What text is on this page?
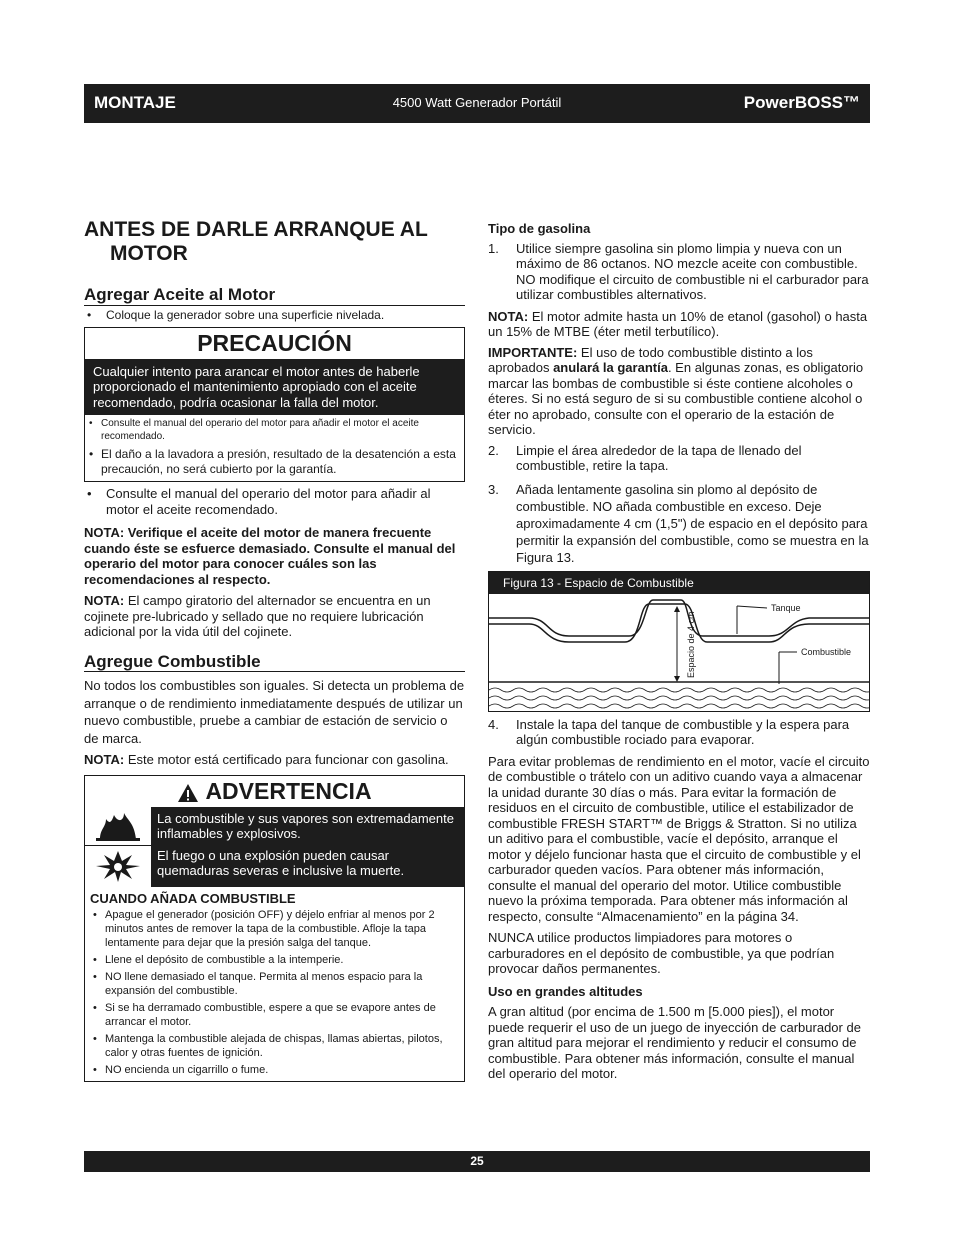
MONTAJE	4500 Watt Generador Portátil	PowerBOSS™
ANTES DE DARLE ARRANQUE AL
MOTOR
Agregar Aceite al Motor

• Coloque la generador sobre una superficie nivelada.

PRECAUCIÓN
Cualquier intento para arancar el motor antes de haberle proporcionado el mantenimiento apropiado con el aceite recomendado, podría ocasionar la falla del motor.

• Consulte el manual del operario del motor para añadir el motor el aceite recomendado.

• El daño a la lavadora a presión, resultado de la desatención a esta precaución, no será cubierto por la garantía.

• Consulte el manual del operario del motor para añadir al motor el aceite recomendado.

NOTA: Verifique el aceite del motor de manera frecuente cuando éste se esfuerce demasiado. Consulte el manual del operario del motor para conocer cuáles son las recomendaciones al respecto.

NOTA: El campo giratorio del alternador se encuentra en un cojinete pre-lubricado y sellado que no requiere lubricación adicional por la vida útil del cojinete.

Agregue Combustible

No todos los combustibles son iguales. Si detecta un problema de arranque o de rendimiento inmediatamente después de utilizar un nuevo combustible, pruebe a cambiar de estación de servicio o de marca.

NOTA: Este motor está certificado para funcionar con gasolina.

ADVERTENCIA
La combustible y sus vapores son extremadamente inflamables y explosivos.
El fuego o una explosión pueden causar quemaduras severas e inclusive la muerte.

CUANDO AÑADA COMBUSTIBLE

• Apague el generador (posición OFF) y déjelo enfriar al menos por 2 minutos antes de remover la tapa de la combustible. Afloje la tapa lentamente para dejar que la presión salga del tanque.

• Llene el depósito de combustible a la intemperie.

• NO llene demasiado el tanque. Permita al menos espacio para la expansión del combustible.

• Si se ha derramado combustible, espere a que se evapore antes de arrancar el motor.

• Mantenga la combustible alejada de chispas, llamas abiertas, pilotos, calor y otras fuentes de ignición.

• NO encienda un cigarrillo o fume.

Tipo de gasolina

1. Utilice siempre gasolina sin plomo limpia y nueva con un máximo de 86 octanos. NO mezcle aceite con combustible. NO modifique el circuito de combustible ni el carburador para utilizar combustibles alternativos.

NOTA: El motor admite hasta un 10% de etanol (gasohol) o hasta un 15% de MTBE (éter metil terbutílico).

IMPORTANTE: El uso de todo combustible distinto a los aprobados anulará la garantía. En algunas zonas, es obligatorio marcar las bombas de combustible si éste contiene alcoholes o éteres. Si no está seguro de si su combustible contiene alcohol o éter no aprobado, consulte con el operario de la estación de servicio.

2. Limpie el área alrededor de la tapa de llenado del combustible, retire la tapa.

3. Añada lentamente gasolina sin plomo al depósito de combustible. NO añada combustible en exceso. Deje aproximadamente 4 cm (1,5") de espacio en el depósito para permitir la expansión del combustible, como se muestra en la Figura 13.

Figura 13 - Espacio de Combustible
Espacio de 4 cm
Tanque
Combustible

4. Instale la tapa del tanque de combustible y la espera para algún combustible rociado para evaporar.

Para evitar problemas de rendimiento en el motor, vacíe el circuito de combustible o trátelo con un aditivo cuando vaya a almacenar la unidad durante 30 días o más. Para evitar la formación de residuos en el circuito de combustible, utilice el estabilizador de combustible FRESH START™ de Briggs & Stratton. Si no utiliza un aditivo para el combustible, vacíe el depósito, arranque el motor y déjelo funcionar hasta que el circuito de combustible y el carburador queden vacíos. Para obtener más información, consulte el manual del operario del motor. Utilice combustible nuevo la próxima temporada. Para obtener más información al respecto, consulte “Almacenamiento” en la página 34.

NUNCA utilice productos limpiadores para motores o carburadores en el depósito de combustible, ya que podrían provocar daños permanentes.

Uso en grandes altitudes

A gran altitud (por encima de 1.500 m [5.000 pies]), el motor puede requerir el uso de un juego de inyección de carburador de gran altitud para mejorar el rendimiento y reducir el consumo de combustible. Para obtener más información, consulte el manual del operario del motor.

25
